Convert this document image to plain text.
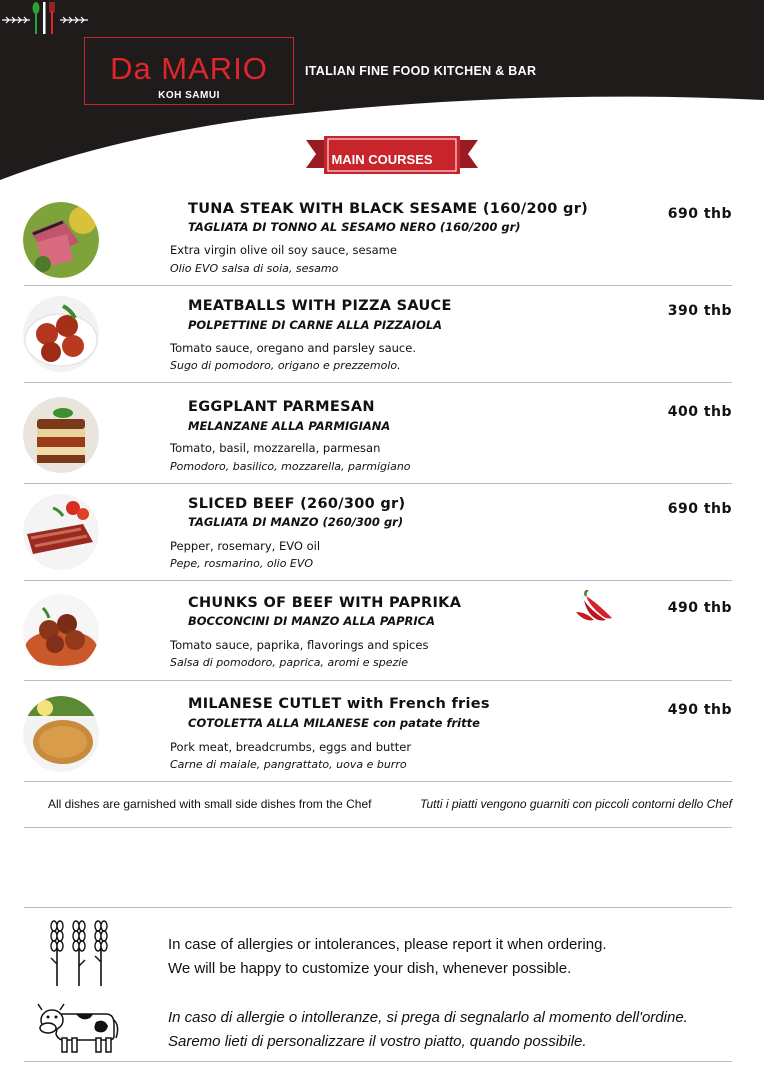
Da MARIO
KOH SAMUI
ITALIAN FINE FOOD KITCHEN & BAR
MAIN COURSES
TUNA STEAK WITH BLACK SESAME (160/200 gr)
TAGLIATA DI TONNO AL SESAMO NERO (160/200 gr)
Extra virgin olive oil soy sauce, sesame
Olio EVO salsa di soia, sesamo
690 thb
MEATBALLS WITH PIZZA SAUCE
POLPETTINE DI CARNE ALLA PIZZAIOLA
Tomato sauce, oregano and parsley sauce.
Sugo di pomodoro, origano e prezzemolo.
390 thb
EGGPLANT PARMESAN
MELANZANE ALLA PARMIGIANA
Tomato, basil, mozzarella, parmesan
Pomodoro, basilico, mozzarella, parmigiano
400 thb
SLICED BEEF (260/300 gr)
TAGLIATA DI MANZO (260/300 gr)
Pepper, rosemary, EVO oil
Pepe, rosmarino, olio EVO
690 thb
CHUNKS OF BEEF WITH PAPRIKA
BOCCONCINI DI MANZO ALLA PAPRICA
Tomato sauce, paprika, flavorings and spices
Salsa di pomodoro, paprica, aromi e spezie
490 thb
MILANESE CUTLET with French fries
COTOLETTA ALLA MILANESE con patate fritte
Pork meat, breadcrumbs, eggs and butter
Carne di maiale, pangrattato, uova e burro
490 thb
All dishes are garnished with small side dishes from the Chef	Tutti i piatti vengono guarniti con piccoli contorni dello Chef
In case of allergies or intolerances, please report it when ordering.
We will be happy to customize your dish, whenever possible.
In caso di allergie o intolleranze, si prega di segnalarlo al momento dell'ordine.
Saremo lieti di personalizzare il vostro piatto, quando possibile.
